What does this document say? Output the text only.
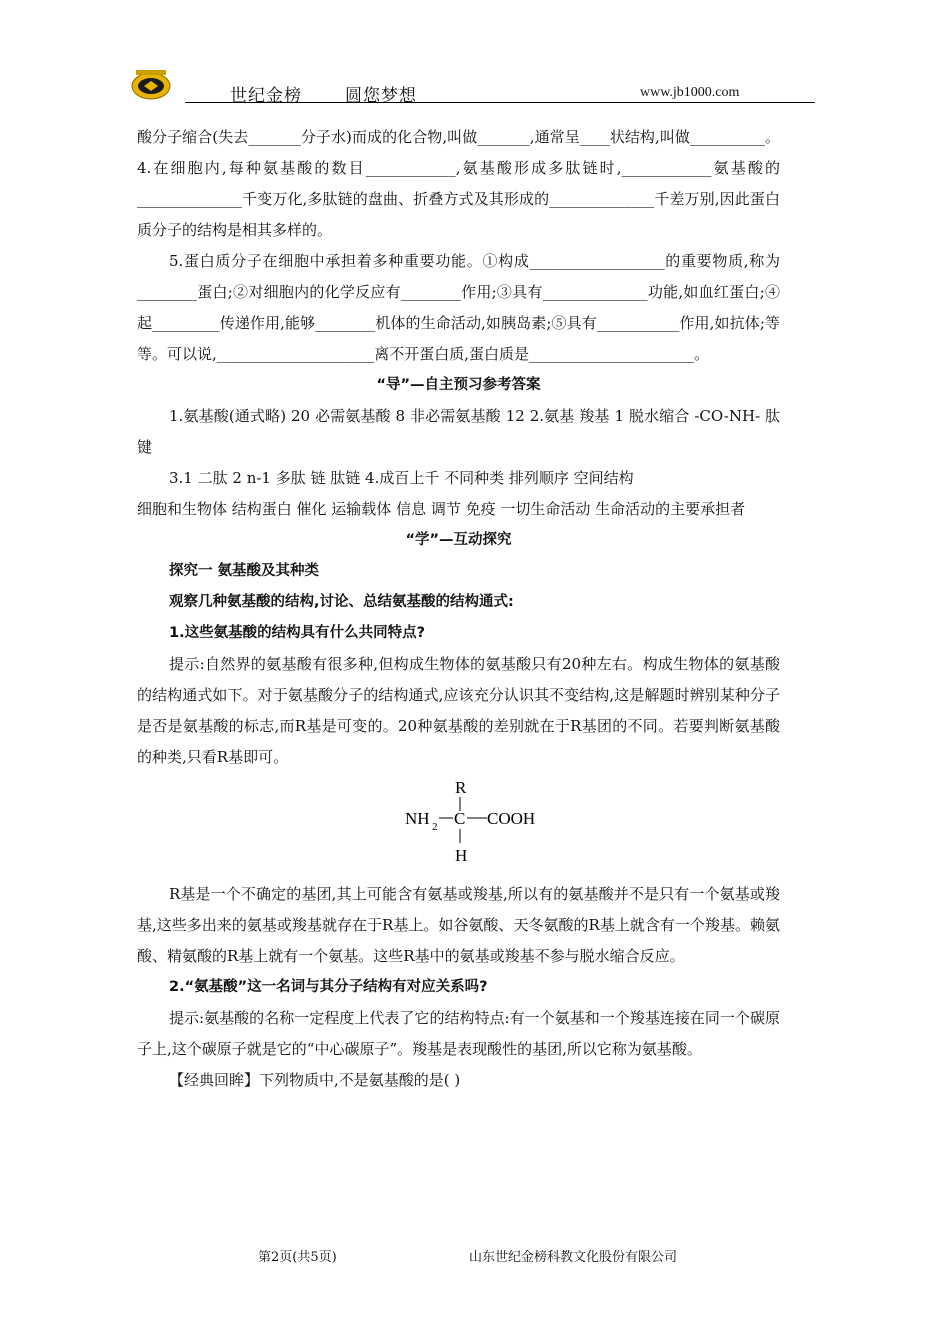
世纪金榜	圆您梦想	www.jb1000.com

酸分子缩合(失去_______分子水)而成的化合物,叫做_______,通常呈____状结构,叫做__________。 4.在细胞内,每种氨基酸的数目____________,氨基酸形成多肽链时,____________氨基酸的______________千变万化,多肽链的盘曲、折叠方式及其形成的______________千差万别,因此蛋白质分子的结构是相其多样的。

5.蛋白质分子在细胞中承担着多种重要功能。①构成__________________的重要物质,称为________蛋白;②对细胞内的化学反应有________作用;③具有______________功能,如血红蛋白;④起_________传递作用,能够________机体的生命活动,如胰岛素;⑤具有___________作用,如抗体;等等。可以说,_____________________离不开蛋白质,蛋白质是______________________。

“导”—自主预习参考答案

1.氨基酸(通式略) 20 必需氨基酸 8 非必需氨基酸 12 2.氨基 羧基 1 脱水缩合 -CO-NH- 肽键

3.1 二肽 2 n-1 多肽 链 肽链 4.成百上千 不同种类 排列顺序 空间结构

细胞和生物体 结构蛋白 催化 运输载体 信息 调节 免疫 一切生命活动 生命活动的主要承担者

“学”—互动探究

探究一 氨基酸及其种类

观察几种氨基酸的结构,讨论、总结氨基酸的结构通式:

1.这些氨基酸的结构具有什么共同特点?

提示:自然界的氨基酸有很多种,但构成生物体的氨基酸只有20种左右。构成生物体的氨基酸的结构通式如下。对于氨基酸分子的结构通式,应该充分认识其不变结构,这是解题时辨别某种分子是否是氨基酸的标志,而R基是可变的。20种氨基酸的差别就在于R基团的不同。若要判断氨基酸的种类,只看R基即可。

R
NH 2 C COOH
H

R基是一个不确定的基团,其上可能含有氨基或羧基,所以有的氨基酸并不是只有一个氨基或羧基,这些多出来的氨基或羧基就存在于R基上。如谷氨酸、天冬氨酸的R基上就含有一个羧基。赖氨酸、精氨酸的R基上就有一个氨基。这些R基中的氨基或羧基不参与脱水缩合反应。

2.“氨基酸”这一名词与其分子结构有对应关系吗?

提示:氨基酸的名称一定程度上代表了它的结构特点:有一个氨基和一个羧基连接在同一个碳原子上,这个碳原子就是它的“中心碳原子”。羧基是表现酸性的基团,所以它称为氨基酸。

【经典回眸】下列物质中,不是氨基酸的是( )

第2页(共5页)	山东世纪金榜科教文化股份有限公司
